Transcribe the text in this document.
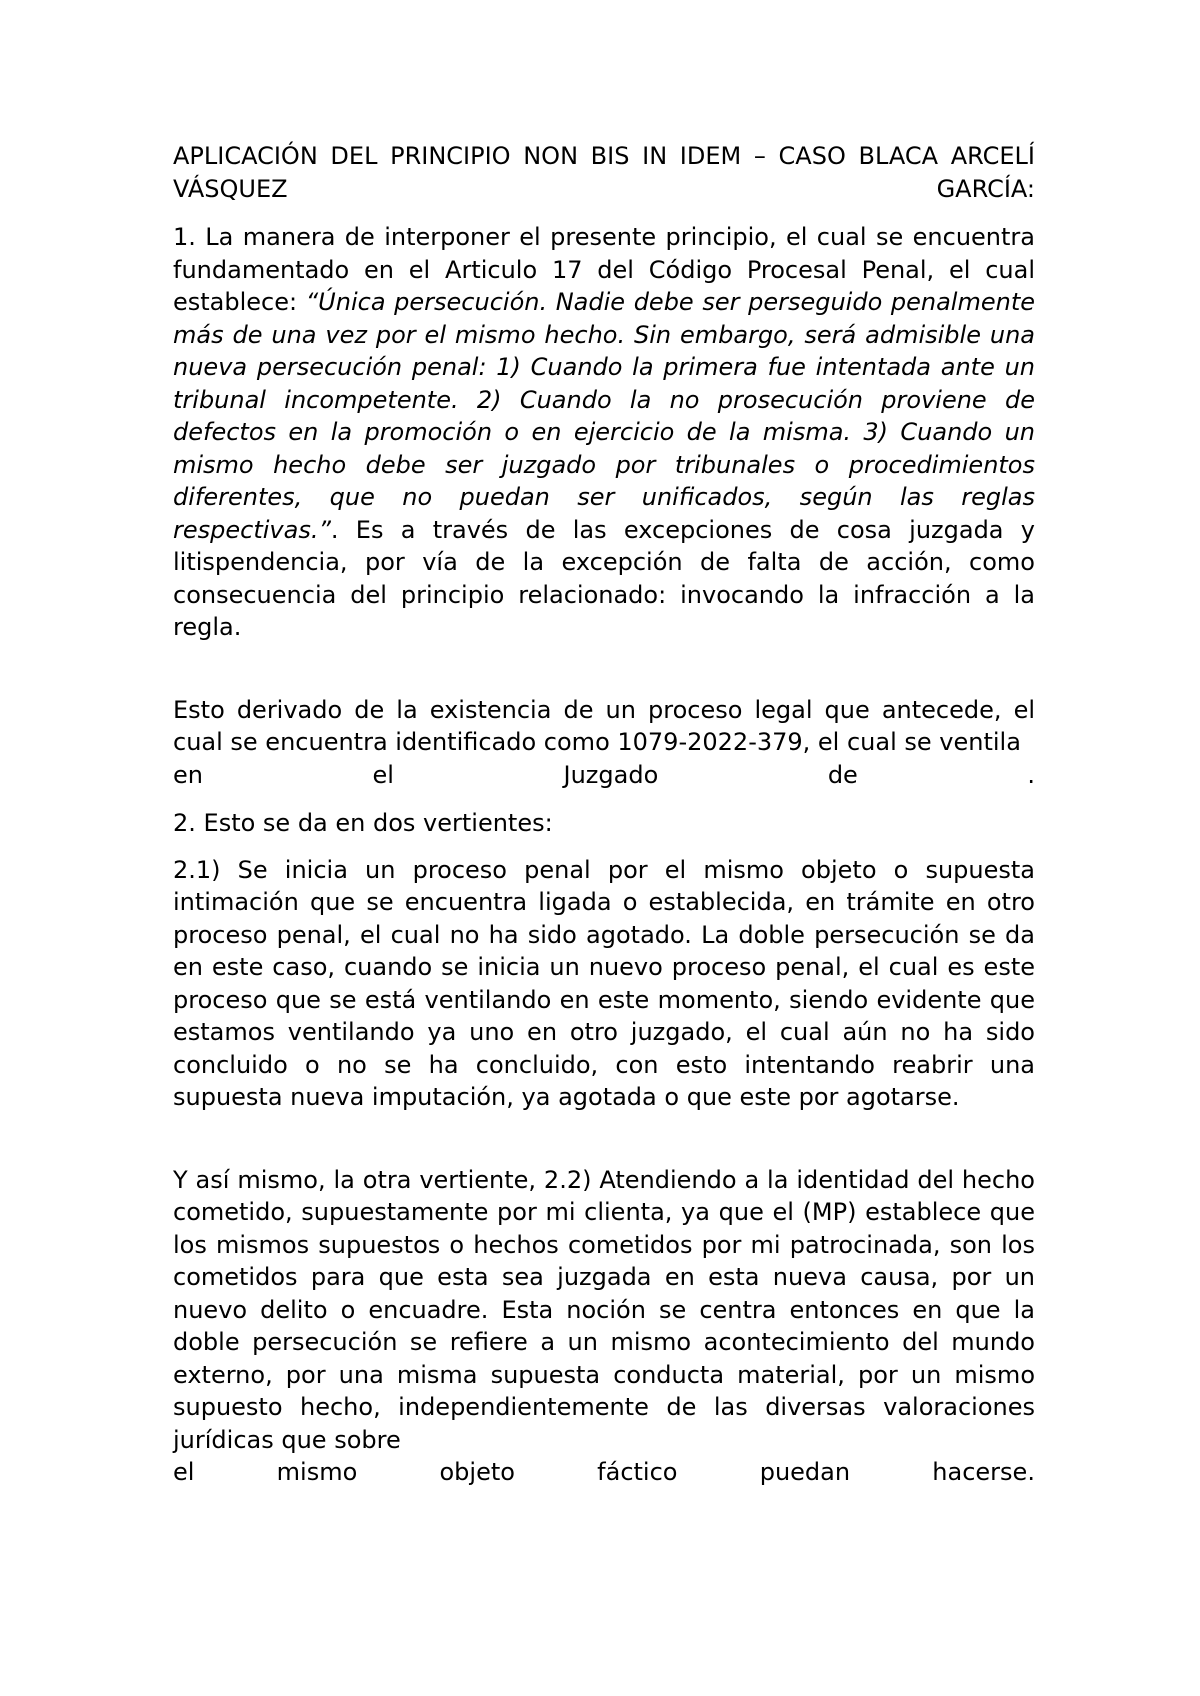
APLICACIÓN DEL PRINCIPIO NON BIS IN IDEM – CASO BLACA ARCELÍ
VÁSQUEZ	GARCÍA:

1. La manera de interponer el presente principio, el cual se encuentra fundamentado en el Articulo 17 del Código Procesal Penal, el cual establece: “Única persecución. Nadie debe ser perseguido penalmente más de una vez por el mismo hecho. Sin embargo, será admisible una nueva persecución penal: 1) Cuando la primera fue intentada ante un tribunal incompetente. 2) Cuando la no prosecución proviene de defectos en la promoción o en ejercicio de la misma. 3) Cuando un mismo hecho debe ser juzgado por tribunales o procedimientos diferentes, que no puedan ser unificados, según las reglas respectivas.”. Es a través de las excepciones de cosa juzgada y litispendencia, por vía de la excepción de falta de acción, como consecuencia del principio relacionado: invocando la infracción a la regla.

Esto derivado de la existencia de un proceso legal que antecede, el cual se encuentra identificado como 1079-2022-379, el cual se ventila

en	el	Juzgado	de	.

2. Esto se da en dos vertientes:

2.1) Se inicia un proceso penal por el mismo objeto o supuesta intimación que se encuentra ligada o establecida, en trámite en otro proceso penal, el cual no ha sido agotado. La doble persecución se da en este caso, cuando se inicia un nuevo proceso penal, el cual es este proceso que se está ventilando en este momento, siendo evidente que estamos ventilando ya uno en otro juzgado, el cual aún no ha sido concluido o no se ha concluido, con esto intentando reabrir una supuesta nueva imputación, ya agotada o que este por agotarse.

Y así mismo, la otra vertiente, 2.2) Atendiendo a la identidad del hecho cometido, supuestamente por mi clienta, ya que el (MP) establece que los mismos supuestos o hechos cometidos por mi patrocinada, son los cometidos para que esta sea juzgada en esta nueva causa, por un nuevo delito o encuadre. Esta noción se centra entonces en que la doble persecución se refiere a un mismo acontecimiento del mundo externo, por una misma supuesta conducta material, por un mismo supuesto hecho, independientemente de las diversas valoraciones jurídicas que sobre

el	mismo	objeto	fáctico	puedan	hacerse.
